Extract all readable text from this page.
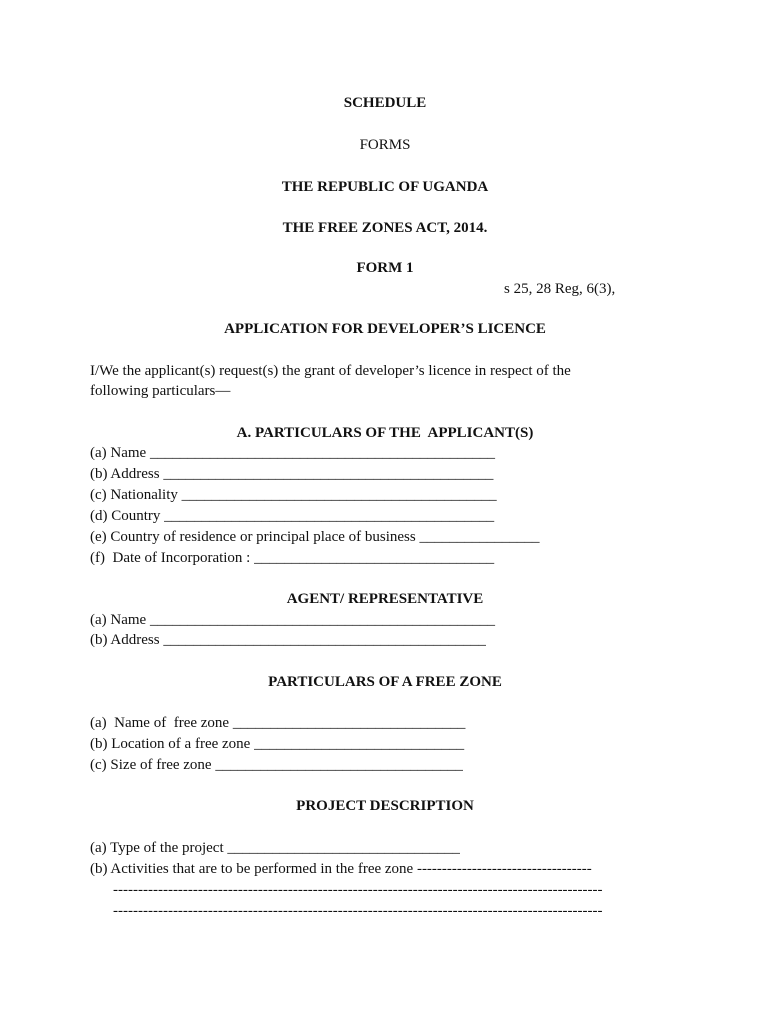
SCHEDULE
FORMS
THE REPUBLIC OF UGANDA
THE FREE ZONES ACT, 2014.
FORM 1
s 25, 28 Reg, 6(3),
APPLICATION FOR DEVELOPER’S LICENCE
I/We the applicant(s) request(s) the grant of developer’s licence in respect of the
following particulars—
A. PARTICULARS OF THE  APPLICANT(S)
(a) Name ______________________________________________
(b) Address ____________________________________________
(c) Nationality __________________________________________
(d) Country ____________________________________________
(e) Country of residence or principal place of business ________________
(f)  Date of Incorporation : ________________________________
AGENT/ REPRESENTATIVE
(a) Name ______________________________________________
(b) Address ___________________________________________
PARTICULARS OF A FREE ZONE
(a)  Name of  free zone _______________________________
(b) Location of a free zone ____________________________
(c) Size of free zone _________________________________
PROJECT DESCRIPTION
(a) Type of the project _______________________________
(b) Activities that are to be performed in the free zone -----------------------------------
--------------------------------------------------------------------------------------------------
--------------------------------------------------------------------------------------------------
